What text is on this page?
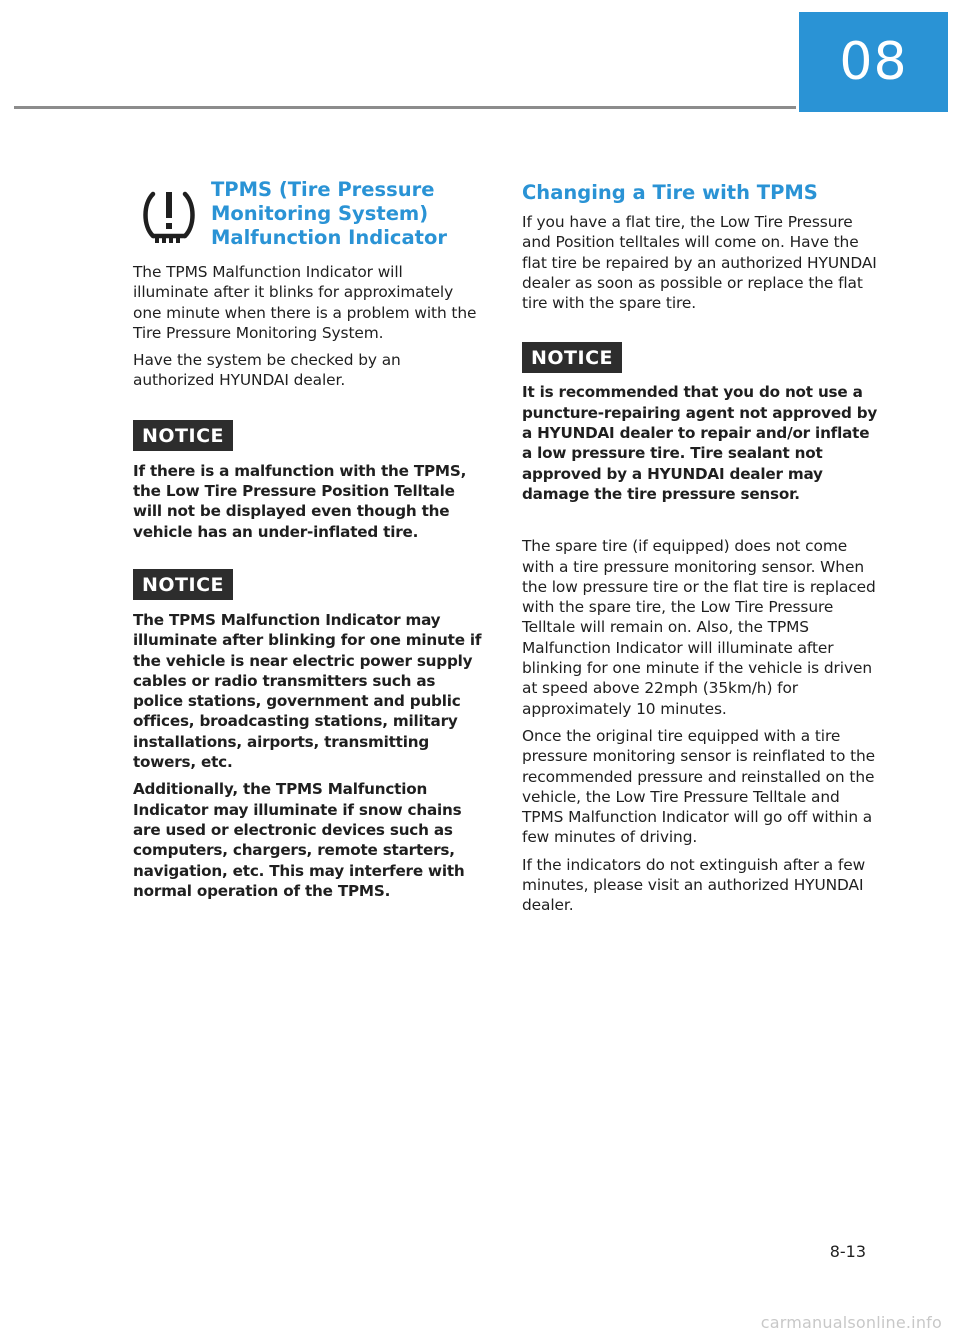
08
TPMS (Tire Pressure
Monitoring System)
Malfunction Indicator

The TPMS Malfunction Indicator will illuminate after it blinks for approximately one minute when there is a problem with the Tire Pressure Monitoring System.

Have the system be checked by an authorized HYUNDAI dealer.

NOTICE

If there is a malfunction with the TPMS, the Low Tire Pressure Position Telltale will not be displayed even though the vehicle has an under-inflated tire.

NOTICE

The TPMS Malfunction Indicator may illuminate after blinking for one minute if the vehicle is near electric power supply cables or radio transmitters such as police stations, government and public offices, broadcasting stations, military installations, airports, transmitting towers, etc.

Additionally, the TPMS Malfunction Indicator may illuminate if snow chains are used or electronic devices such as computers, chargers, remote starters, navigation, etc. This may interfere with normal operation of the TPMS.

Changing a Tire with TPMS

If you have a flat tire, the Low Tire Pressure and Position telltales will come on. Have the flat tire be repaired by an authorized HYUNDAI dealer as soon as possible or replace the flat tire with the spare tire.

NOTICE

It is recommended that you do not use a puncture-repairing agent not approved by a HYUNDAI dealer to repair and/or inflate a low pressure tire. Tire sealant not approved by a HYUNDAI dealer may damage the tire pressure sensor.

The spare tire (if equipped) does not come with a tire pressure monitoring sensor. When the low pressure tire or the flat tire is replaced with the spare tire, the Low Tire Pressure Telltale will remain on. Also, the TPMS Malfunction Indicator will illuminate after blinking for one minute if the vehicle is driven at speed above 22mph (35km/h) for approximately 10 minutes.

Once the original tire equipped with a tire pressure monitoring sensor is reinflated to the recommended pressure and reinstalled on the vehicle, the Low Tire Pressure Telltale and TPMS Malfunction Indicator will go off within a few minutes of driving.

If the indicators do not extinguish after a few minutes, please visit an authorized HYUNDAI dealer.

8-13
carmanualsonline.info
